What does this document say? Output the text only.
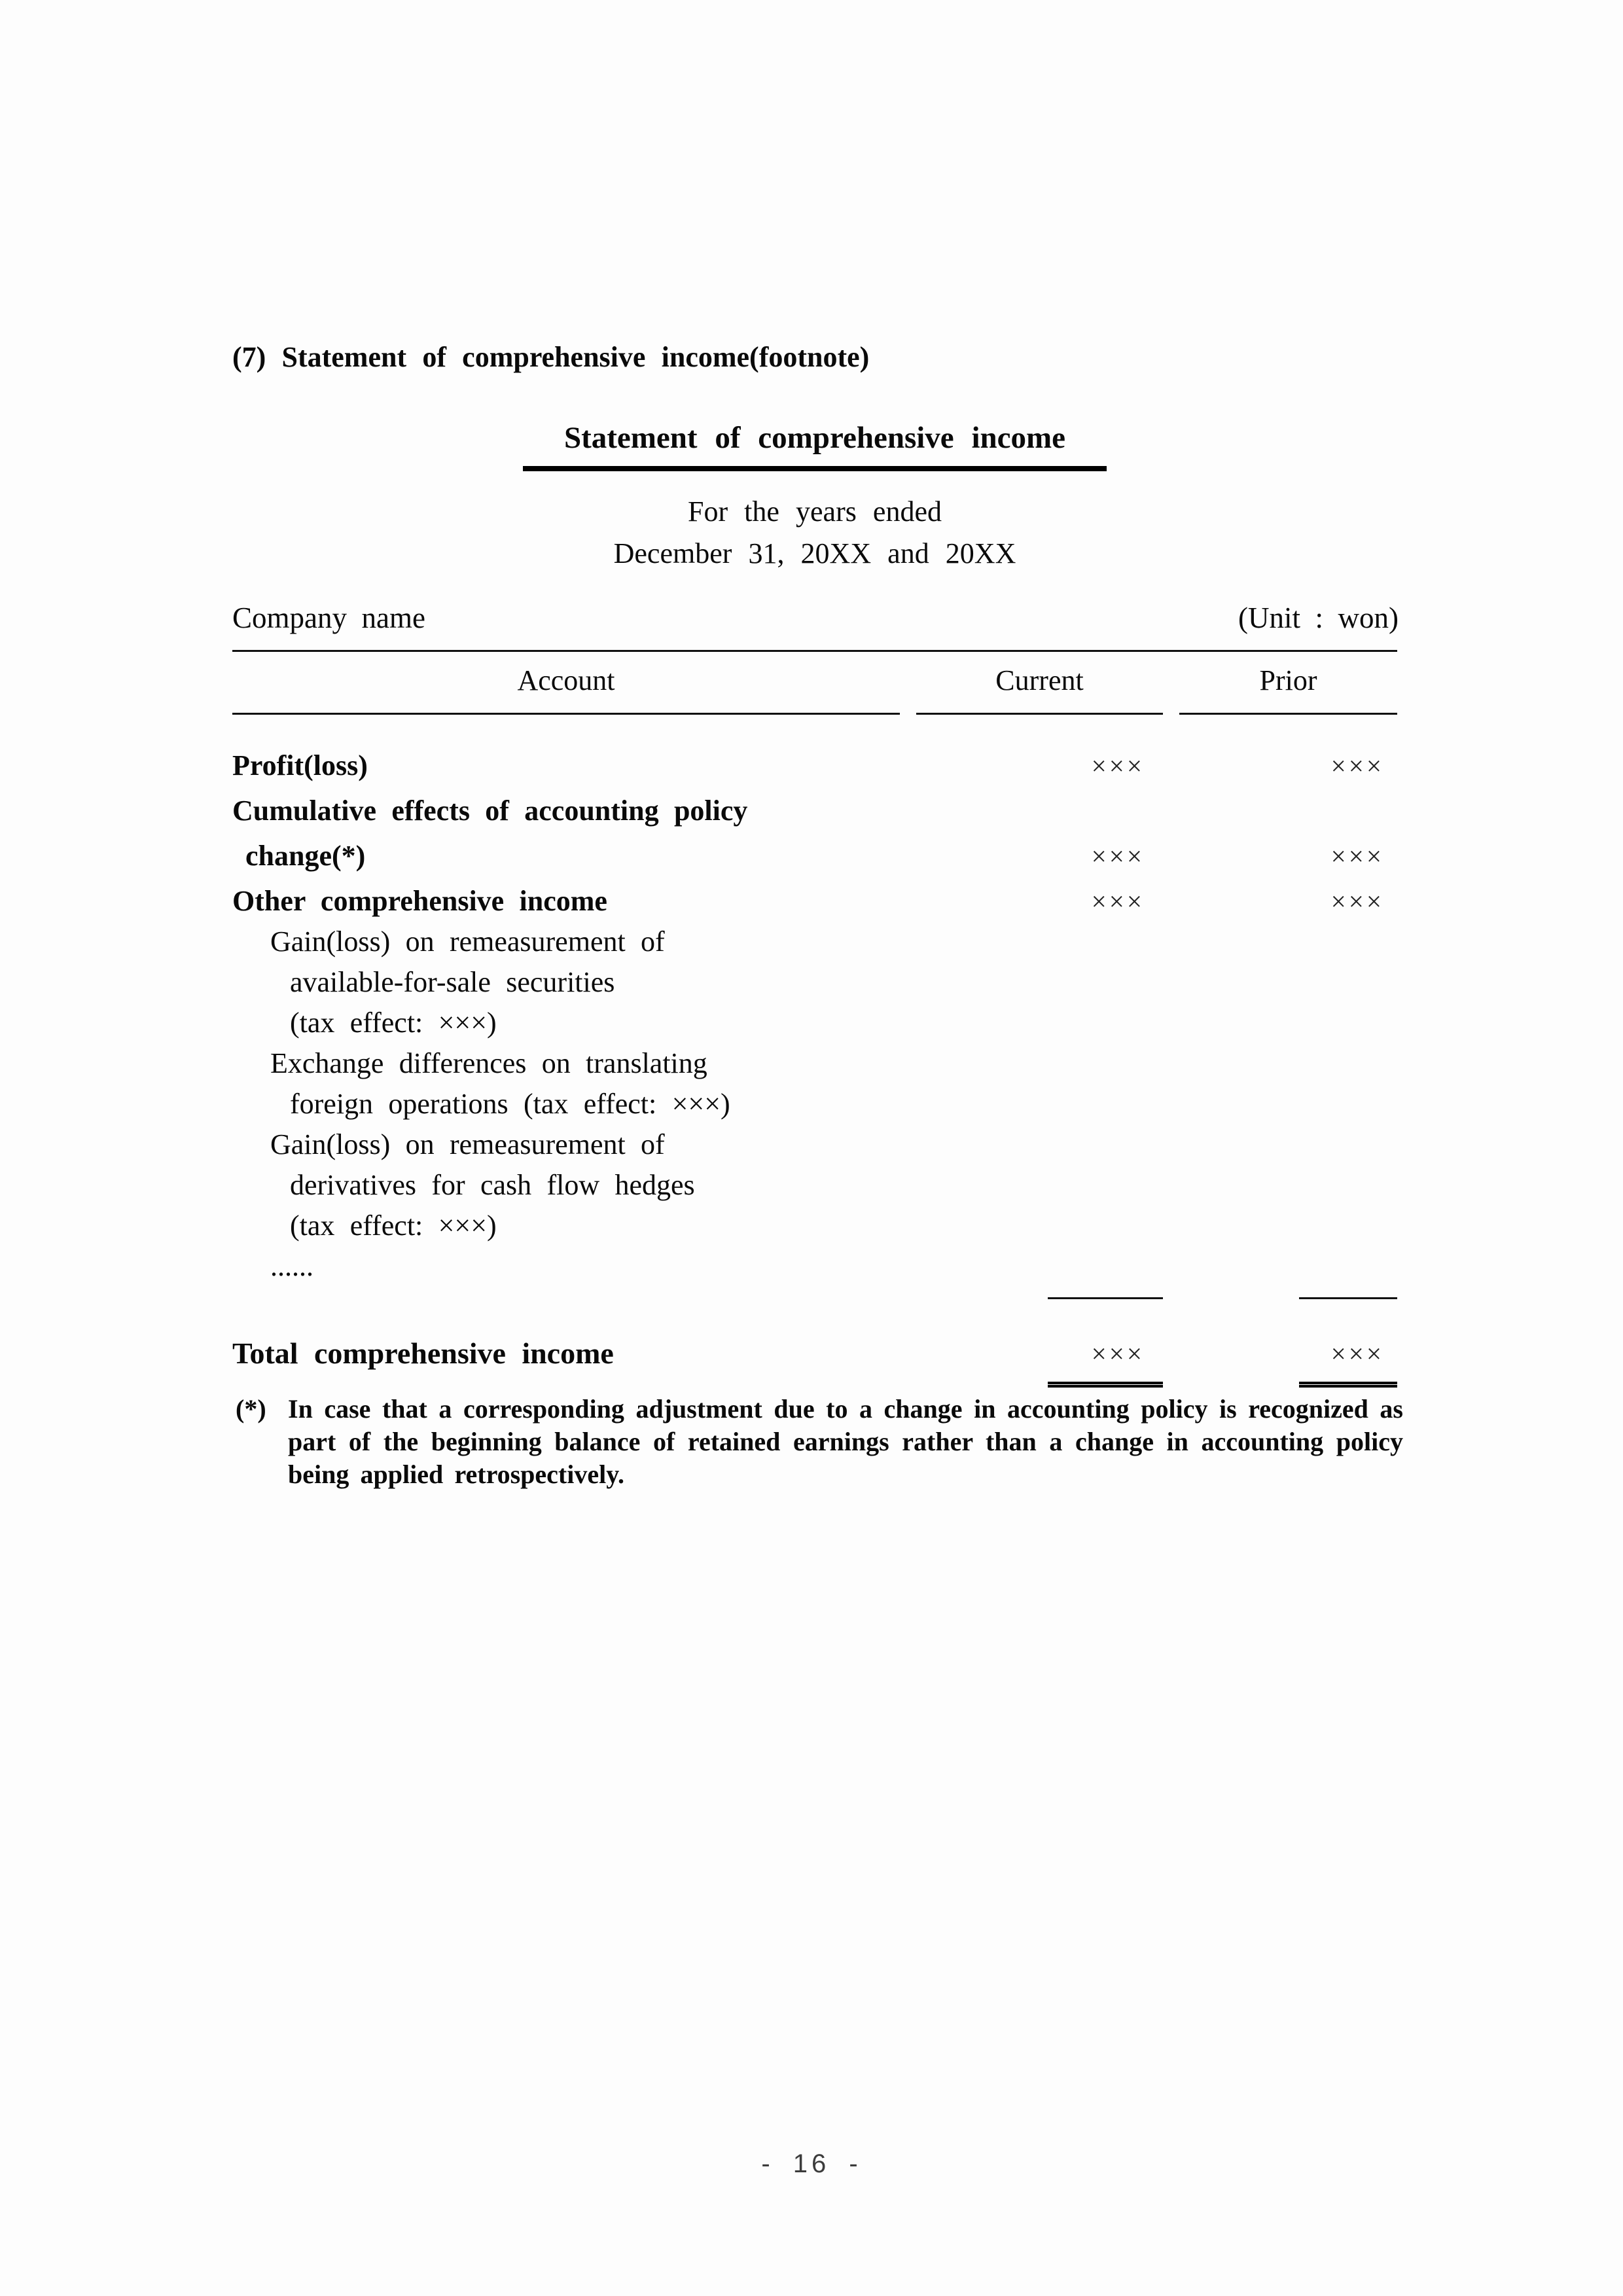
(7) Statement of comprehensive income(footnote)
Statement of comprehensive income
For the years ended
December 31, 20XX and 20XX
Company name	(Unit : won)
Account	Current	Prior
Profit(loss)	×××	×××
Cumulative effects of accounting policy
change(*)	×××	×××
Other comprehensive income	×××	×××
Gain(loss) on remeasurement of
available-for-sale securities
(tax effect: ×××)
Exchange differences on translating
foreign operations (tax effect: ×××)
Gain(loss) on remeasurement of
derivatives for cash flow hedges
(tax effect: ×××)
......
Total comprehensive income	×××	×××
(*) In case that a corresponding adjustment due to a change in accounting policy is recognized as part of the beginning balance of retained earnings rather than a change in accounting policy being applied retrospectively.
- 16 -
